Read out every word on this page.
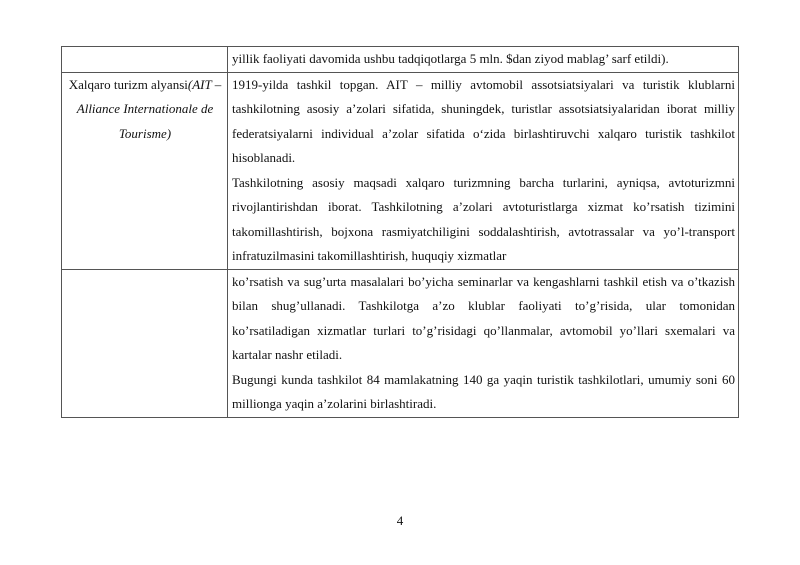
	yillik faoliyati davomida ushbu tadqiqotlarga 5 mln. $dan ziyod mablag’ sarf etildi).

Xalqaro turizm alyansi(AIT – Alliance Internationale de Tourisme)	1919-yilda tashkil topgan. AIT – milliy avtomobil assotsiatsiyalari va turistik klublarni tashkilotning asosiy a’zolari sifatida, shuningdek, turistlar assotsiatsiyalaridan iborat milliy federatsiyalarni individual a’zolar sifatida o‘zida birlashtiruvchi xalqaro turistik tashkilot hisoblanadi.
Tashkilotning asosiy maqsadi xalqaro turizmning barcha turlarini, ayniqsa, avtoturizmni rivojlantirishdan iborat. Tashkilotning a’zolari avtoturistlarga xizmat ko’rsatish tizimini takomillashtirish, bojxona rasmiyatchiligini soddalashtirish, avtotrassalar va yo’l-transport infratuzilmasini takomillashtirish, huquqiy xizmatlar

	ko’rsatish va sug’urta masalalari bo’yicha seminarlar va kengashlarni tashkil etish va o’tkazish bilan shug’ullanadi. Tashkilotga a’zo klublar faoliyati to’g’risida, ular tomonidan ko’rsatiladigan xizmatlar turlari to’g’risidagi qo’llanmalar, avtomobil yo’llari sxemalari va kartalar nashr etiladi.
Bugungi kunda tashkilot 84 mamlakatning 140 ga yaqin turistik tashkilotlari, umumiy soni 60 millionga yaqin a’zolarini birlashtiradi.
4
